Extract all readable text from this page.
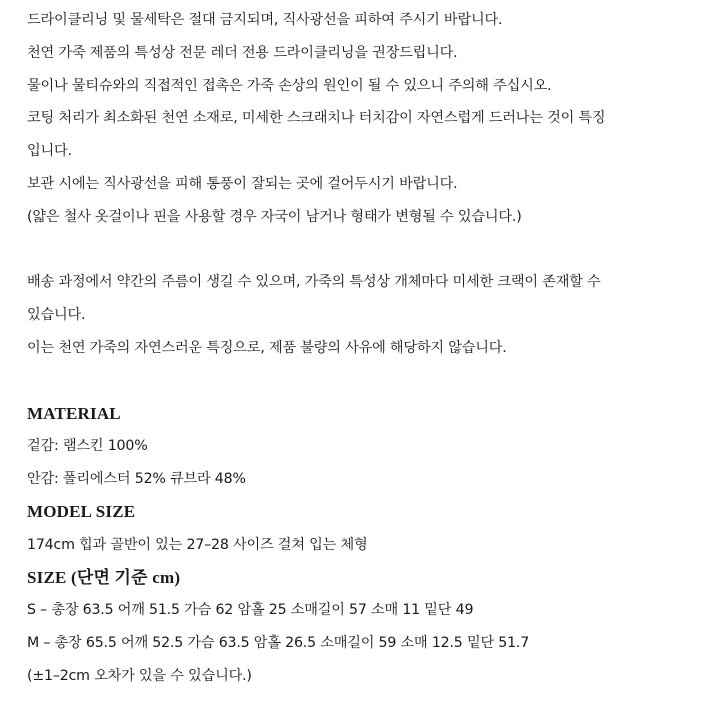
드라이클리닝 및 물세탁은 절대 금지되며, 직사광선을 피하여 주시기 바랍니다.
천연 가죽 제품의 특성상 전문 레더 전용 드라이클리닝을 권장드립니다.
물이나 물티슈와의 직접적인 접촉은 가죽 손상의 원인이 될 수 있으니 주의해 주십시오.
코팅 처리가 최소화된 천연 소재로, 미세한 스크래치나 터치감이 자연스럽게 드러나는 것이 특징
입니다.
보관 시에는 직사광선을 피해 통풍이 잘되는 곳에 걸어두시기 바랍니다.
(얇은 철사 옷걸이나 핀을 사용할 경우 자국이 남거나 형태가 변형될 수 있습니다.)
배송 과정에서 약간의 주름이 생길 수 있으며, 가죽의 특성상 개체마다 미세한 크랙이 존재할 수
있습니다.
이는 천연 가죽의 자연스러운 특징으로, 제품 불량의 사유에 해당하지 않습니다.
MATERIAL
겉감: 램스킨 100%
안감: 폴리에스터 52% 큐브라 48%
MODEL SIZE
174cm 힙과 골반이 있는 27–28 사이즈 걸쳐 입는 체형
SIZE (단면 기준 cm)
S – 총장 63.5 어깨 51.5 가슴 62 암홀 25 소매길이 57 소매 11 밑단 49
M – 총장 65.5 어깨 52.5 가슴 63.5 암홀 26.5 소매길이 59 소매 12.5 밑단 51.7
(±1–2cm 오차가 있을 수 있습니다.)
